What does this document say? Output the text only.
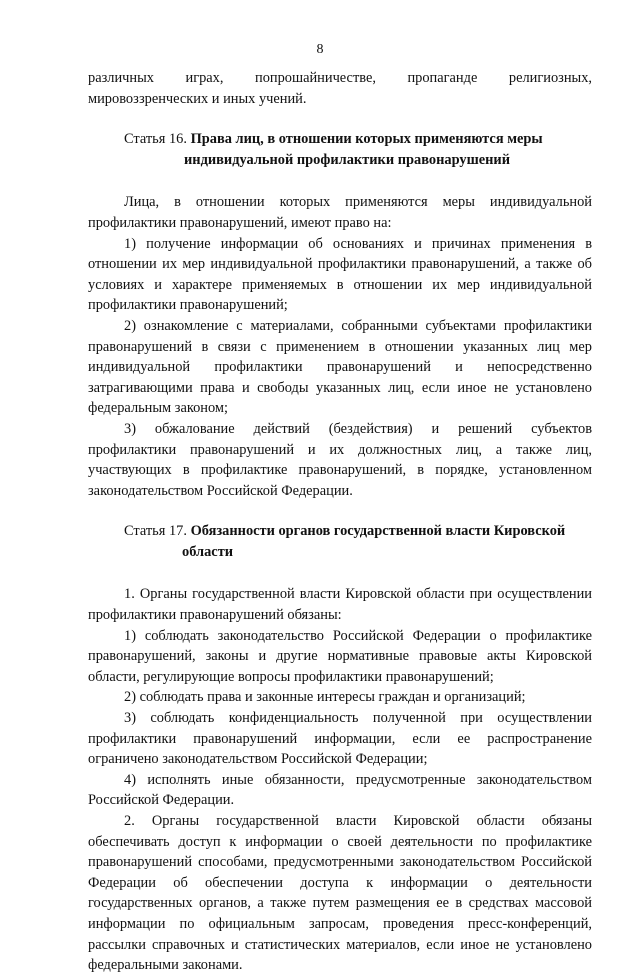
8

различных играх, попрошайничестве, пропаганде религиозных, мировоззренческих и иных учений.

Статья 16. Права лиц, в отношении которых применяются меры
индивидуальной профилактики правонарушений

Лица, в отношении которых применяются меры индивидуальной профилактики правонарушений, имеют право на:

1) получение информации об основаниях и причинах применения в отношении их мер индивидуальной профилактики правонарушений, а также об условиях и характере применяемых в отношении их мер индивидуальной профилактики правонарушений;

2) ознакомление с материалами, собранными субъектами профилактики правонарушений в связи с применением в отношении указанных лиц мер индивидуальной профилактики правонарушений и непосредственно затрагивающими права и свободы указанных лиц, если иное не установлено федеральным законом;

3) обжалование действий (бездействия) и решений субъектов профилактики правонарушений и их должностных лиц, а также лиц, участвующих в профилактике правонарушений, в порядке, установленном законодательством Российской Федерации.

Статья 17. Обязанности органов государственной власти Кировской
области

1. Органы государственной власти Кировской области при осуществлении профилактики правонарушений обязаны:

1) соблюдать законодательство Российской Федерации о профилактике правонарушений, законы и другие нормативные правовые акты Кировской области, регулирующие вопросы профилактики правонарушений;

2) соблюдать права и законные интересы граждан и организаций;

3) соблюдать конфиденциальность полученной при осуществлении профилактики правонарушений информации, если ее распространение ограничено законодательством Российской Федерации;

4) исполнять иные обязанности, предусмотренные законодательством Российской Федерации.

2. Органы государственной власти Кировской области обязаны обеспечивать доступ к информации о своей деятельности по профилактике правонарушений способами, предусмотренными законодательством Российской Федерации об обеспечении доступа к информации о деятельности государственных органов, а также путем размещения ее в средствах массовой информации по официальным запросам, проведения пресс-конференций, рассылки справочных и статистических материалов, если иное не установлено федеральными законами.
